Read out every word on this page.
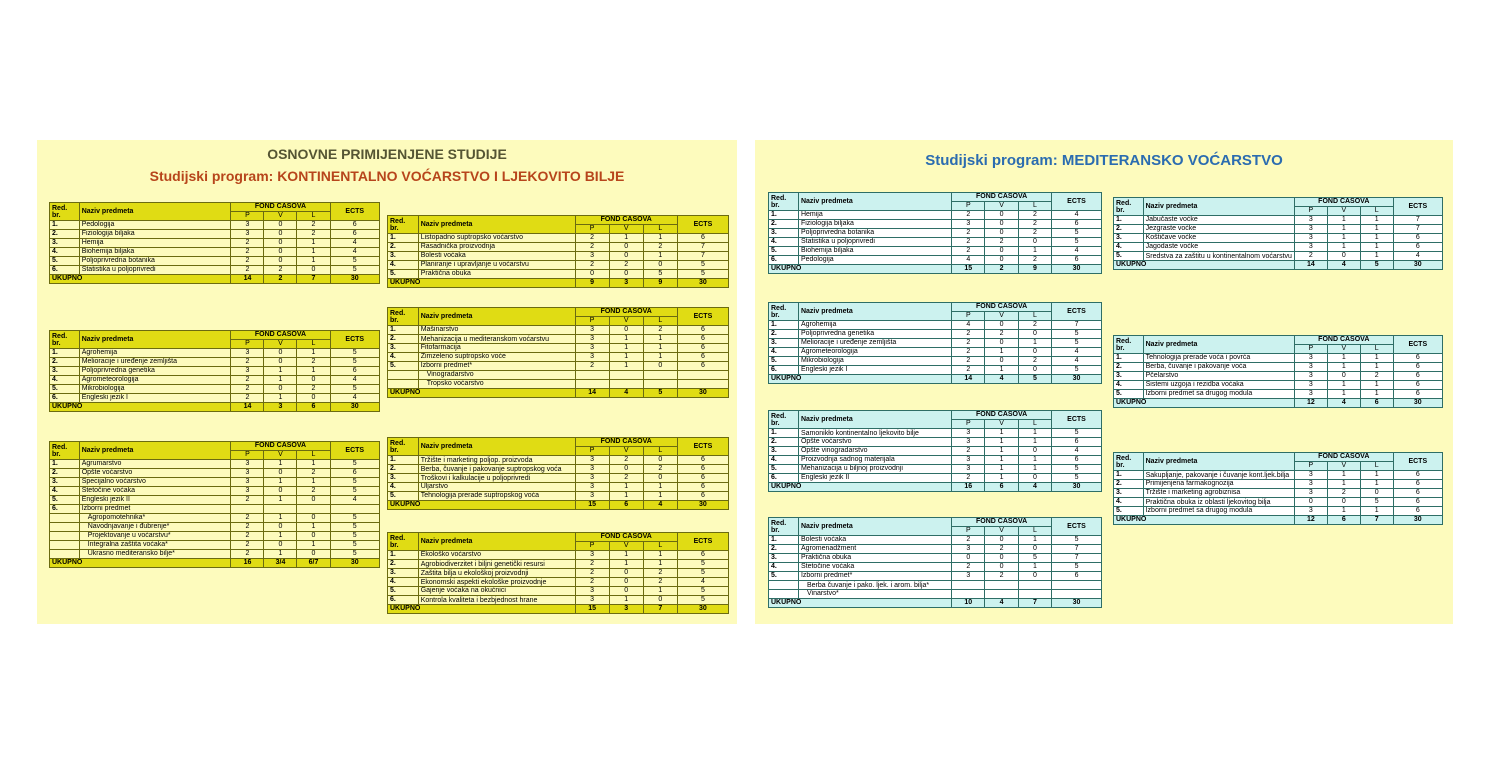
OSNOVNE PRIMIJENJENE STUDIJE
Studijski program: KONTINENTALNO VOĆARSTVO I LJEKOVITO BILJE
Red.
br.	Naziv predmeta	FOND ČASOVA			ECTS
		P	V	L	
1.	Pedologija	3	0	2	6
2.	Fiziologija biljaka	3	0	2	6
3.	Hemija	2	0	1	4
4.	Biohemija biljaka	2	0	1	4
5.	Poljoprivredna botanika	2	0	1	5
6.	Statistika u poljoprivredi	2	2	0	5
UKUPNO		14	2	7	30
Red.
br.	Naziv predmeta	FOND ČASOVA			ECTS
		P	V	L	
1.	Agrohemija	3	0	1	5
2.	Melioracije i uređenje zemljišta	2	0	2	5
3.	Poljoprivredna genetika	3	1	1	6
4.	Agrometeorologija	2	1	0	4
5.	Mikrobiologija	2	0	2	5
6.	Engleski jezik I	2	1	0	4
UKUPNO		14	3	6	30
Red.
br.	Naziv predmeta	FOND ČASOVA			ECTS
		P	V	L	
1.	Agrumarstvo	3	1	1	5
2.	Opšte voćarstvo	3	0	2	6
3.	Specijalno voćarstvo	3	1	1	5
4.	Stetočine voćaka	3	0	2	5
5.	Engleski jezik II	2	1	0	4
6.	Izborni predmet				
	Agropomotehnika*	2	1	0	5
	Navodnjavanje i đubrenje*	2	0	1	5
	Projektovanje u voćarstvu*	2	1	0	5
	Integralna zaštita voćaka*	2	0	1	5
	Ukrasno mediteransko bilje*	2	1	0	5
UKUPNO		16	3/4	6/7	30
Red.
br.	Naziv predmeta	FOND ČASOVA			ECTS
		P	V	L	
1.	Listopadno suptropsko voćarstvo	2	1	1	6
2.	Rasadnička proizvodnja	2	0	2	7
3.	Bolesti voćaka	3	0	1	7
4.	Planiranje i upravljanje u voćarstvu	2	2	0	5
5.	Praktična obuka	0	0	5	5
UKUPNO		9	3	9	30
Red.
br.	Naziv predmeta	FOND ČASOVA			ECTS
		P	V	L	
1.	Mašinarstvo	3	0	2	6
2.	Mehanizacija u mediteranskom voćarstvu	3	1	1	6
3.	Fitofarmacija	3	1	1	6
4.	Zimzeleno suptropsko voće	3	1	1	6
5.	Izborni predmet*	2	1	0	6
	Vinogradarstvo				
	Tropsko voćarstvo				
UKUPNO		14	4	5	30
Red.
br.	Naziv predmeta	FOND ČASOVA			ECTS
		P	V	L	
1.	Tržište i marketing poljop. proizvoda	3	2	0	6
2.	Berba, čuvanje i pakovanje suptropskog voća	3	0	2	6
3.	Troškovi i kalkulacije u poljoprivredi	3	2	0	6
4.	Uljarstvo	3	1	1	6
5.	Tehnologija prerade suptropskog voća	3	1	1	6
UKUPNO		15	6	4	30
Red.
br.	Naziv predmeta	FOND ČASOVA			ECTS
		P	V	L	
1.	Ekološko voćarstvo	3	1	1	6
2.	Agrobiodiverzitet i biljni genetički resursi	2	1	1	5
3.	Zaštita bilja u ekološkoj proizvodnji	2	0	2	5
4.	Ekonomski aspekti ekološke proizvodnje	2	0	2	4
5.	Gajenje voćaka na okućnici	3	0	1	5
6.	Kontrola kvaliteta i bezbjednost hrane	3	1	0	5
UKUPNO		15	3	7	30
Studijski program: MEDITERANSKO VOĆARSTVO
Red.
br.	Naziv predmeta	FOND ČASOVA			ECTS
		P	V	L	
1.	Hemija	2	0	2	4
2.	Fiziologija biljaka	3	0	2	6
3.	Poljoprivredna botanika	2	0	2	5
4.	Statistika u poljoprivredi	2	2	0	5
5.	Biohemija biljaka	2	0	1	4
6.	Pedologija	4	0	2	6
UKUPNO		15	2	9	30
Red.
br.	Naziv predmeta	FOND ČASOVA			ECTS
		P	V	L	
1.	Agrohemija	4	0	2	7
2.	Poljoprivredna genetika	2	2	0	5
3.	Melioracije i uređenje zemljišta	2	0	1	5
4.	Agrometeorologija	2	1	0	4
5.	Mikrobiologija	2	0	2	4
6.	Engleski jezik I	2	1	0	5
UKUPNO		14	4	5	30
Red.
br.	Naziv predmeta	FOND ČASOVA			ECTS
		P	V	L	
1.	Samonikło kontinentalno ljekovito bilje	3	1	1	5
2.	Opšte voćarstvo	3	1	1	6
3.	Opšte vinogradarstvo	2	1	0	4
4.	Proizvodnja sadnog materijala	3	1	1	6
5.	Mehanizacija u biljnoj proizvodnji	3	1	1	5
6.	Engleski jezik II	2	1	0	5
UKUPNO		16	6	4	30
Red.
br.	Naziv predmeta	FOND ČASOVA			ECTS
		P	V	L	
1.	Bolesti voćaka	2	0	1	5
2.	Agromenadžment	3	2	0	7
3.	Praktična obuka	0	0	5	7
4.	Štetočine voćaka	2	0	1	5
5.	Izborni predmet*	3	2	0	6
	Berba čuvanje i pako. ljek. i arom. bilja*				
	Vinarstvo*				
UKUPNO		10	4	7	30
Red.
br.	Naziv predmeta	FOND ČASOVA			ECTS
		P	V	L	
1.	Jabučaste voćke	3	1	1	7
2.	Jezgraste voćke	3	1	1	7
3.	Koštičave voćke	3	1	1	6
4.	Jagodaste voćke	3	1	1	6
5.	Sredstva za zaštitu u kontinentalnom voćarstvu	2	0	1	4
UKUPNO		14	4	5	30
Red.
br.	Naziv predmeta	FOND ČASOVA			ECTS
		P	V	L	
1.	Tehnologija prerade voća i povrća	3	1	1	6
2.	Berba, čuvanje i pakovanje voća	3	1	1	6
3.	Pčelarstvo	3	0	2	6
4.	Sistemi uzgoja i rezidba voćaka	3	1	1	6
5.	Izborni predmet sa drugog modula	3	1	1	6
UKUPNO		12	4	6	30
Red.
br.	Naziv predmeta	FOND ČASOVA			ECTS
		P	V	L	
1.	Sakupljanje, pakovanje i čuvanje kont.ljek.bilja	3	1	1	6
2.	Primijenjena farmakognozija	3	1	1	6
3.	Tržište i marketing agrobiznisa	3	2	0	6
4.	Praktična obuka iz oblasti ljekovitog bilja	0	0	5	6
5.	Izborni predmet sa drugog modula	3	1	1	6
UKUPNO		12	6	7	30
